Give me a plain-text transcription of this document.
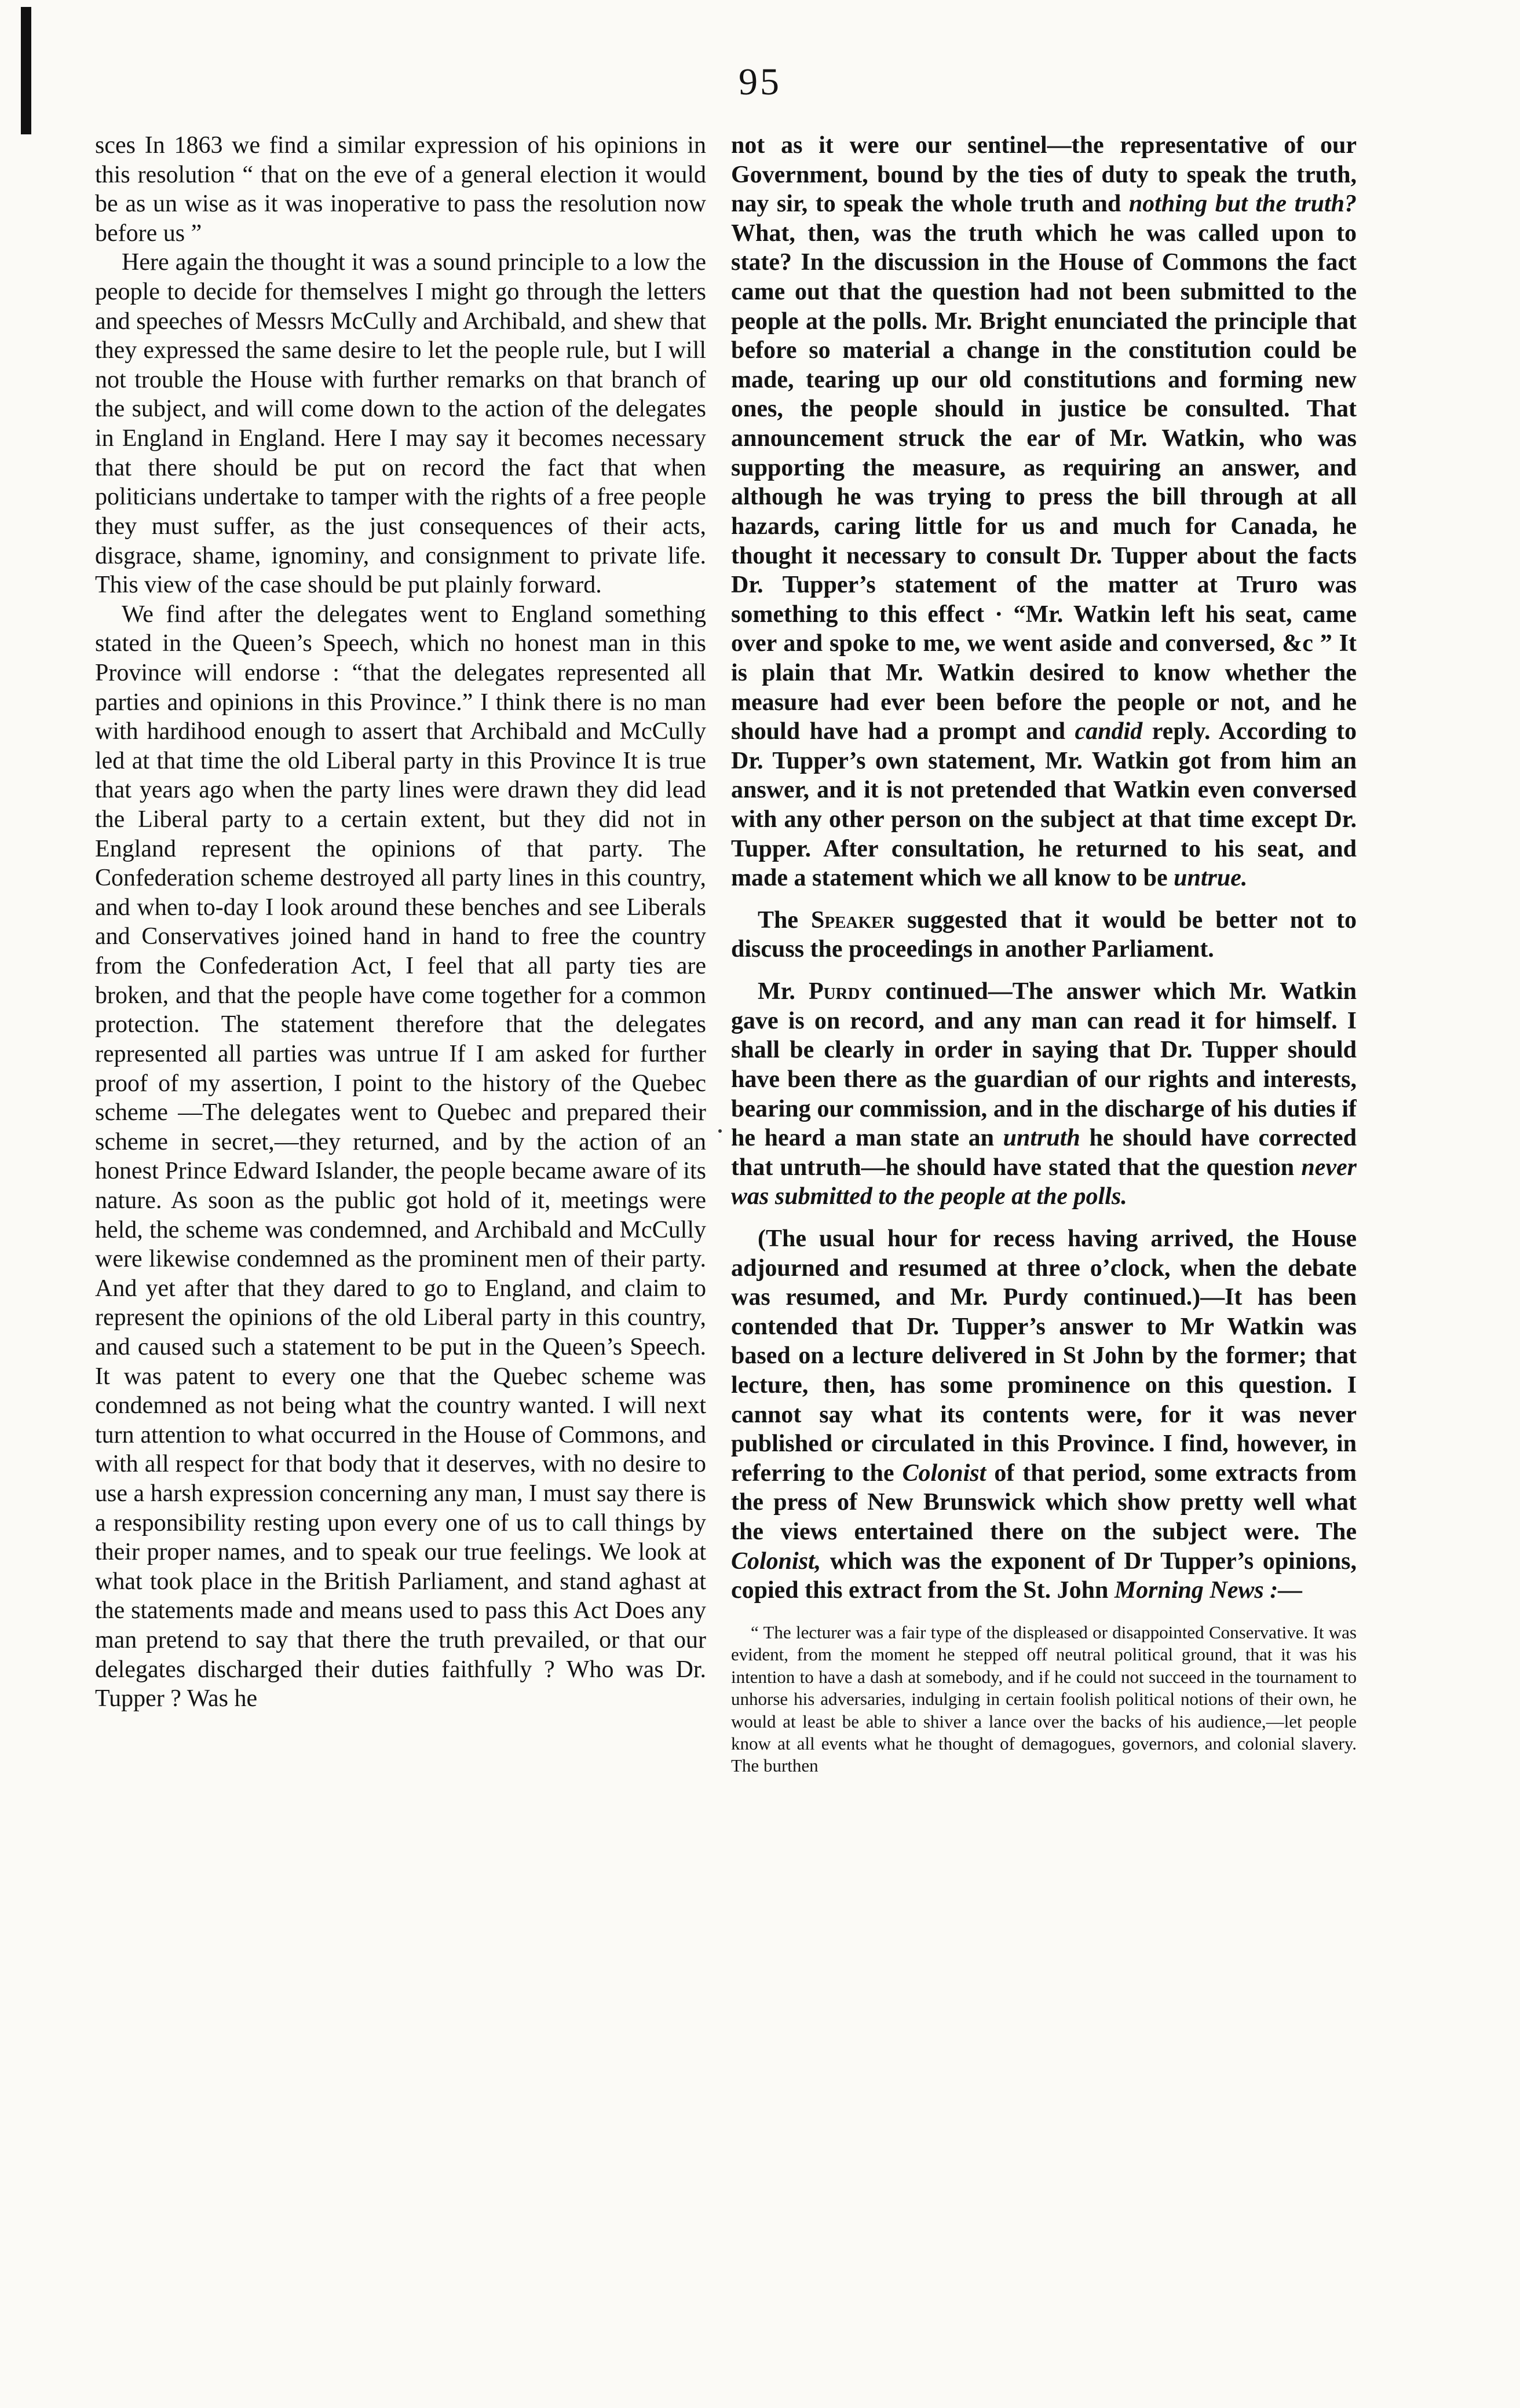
95

sces In 1863 we find a similar expression of his opinions in this resolution “ that on the eve of a general election it would be as un wise as it was inoperative to pass the resolution now before us ”

Here again the thought it was a sound principle to a low the people to decide for themselves I might go through the letters and speeches of Messrs McCully and Archibald, and shew that they expressed the same desire to let the people rule, but I will not trouble the House with further remarks on that branch of the subject, and will come down to the action of the delegates in England in England. Here I may say it becomes necessary that there should be put on record the fact that when politicians undertake to tamper with the rights of a free people they must suffer, as the just consequences of their acts, disgrace, shame, ignominy, and consignment to private life. This view of the case should be put plainly forward.

We find after the delegates went to England something stated in the Queen’s Speech, which no honest man in this Province will endorse : “that the delegates represented all parties and opinions in this Province.” I think there is no man with hardihood enough to assert that Archibald and McCully led at that time the old Liberal party in this Province It is true that years ago when the party lines were drawn they did lead the Liberal party to a certain extent, but they did not in England represent the opinions of that party. The Confederation scheme destroyed all party lines in this country, and when to-day I look around these benches and see Liberals and Conservatives joined hand in hand to free the country from the Confederation Act, I feel that all party ties are broken, and that the people have come together for a common protection. The statement therefore that the delegates represented all parties was untrue If I am asked for further proof of my assertion, I point to the history of the Quebec scheme —The delegates went to Quebec and prepared their scheme in secret,—they returned, and by the action of an honest Prince Edward Islander, the people became aware of its nature. As soon as the public got hold of it, meetings were held, the scheme was condemned, and Archibald and McCully were likewise condemned as the prominent men of their party. And yet after that they dared to go to England, and claim to represent the opinions of the old Liberal party in this country, and caused such a statement to be put in the Queen’s Speech. It was patent to every one that the Quebec scheme was condemned as not being what the country wanted. I will next turn attention to what occurred in the House of Commons, and with all respect for that body that it deserves, with no desire to use a harsh expression concerning any man, I must say there is a responsibility resting upon every one of us to call things by their proper names, and to speak our true feelings. We look at what took place in the British Parliament, and stand aghast at the statements made and means used to pass this Act Does any man pretend to say that there the truth prevailed, or that our delegates discharged their duties faithfully ? Who was Dr. Tupper ? Was he

not as it were our sentinel—the representative of our Government, bound by the ties of duty to speak the truth, nay sir, to speak the whole truth and nothing but the truth? What, then, was the truth which he was called upon to state? In the discussion in the House of Commons the fact came out that the question had not been submitted to the people at the polls. Mr. Bright enunciated the principle that before so material a change in the constitution could be made, tearing up our old constitutions and forming new ones, the people should in justice be consulted. That announcement struck the ear of Mr. Watkin, who was supporting the measure, as requiring an answer, and although he was trying to press the bill through at all hazards, caring little for us and much for Canada, he thought it necessary to consult Dr. Tupper about the facts Dr. Tupper’s statement of the matter at Truro was something to this effect · “Mr. Watkin left his seat, came over and spoke to me, we went aside and conversed, &c ” It is plain that Mr. Watkin desired to know whether the measure had ever been before the people or not, and he should have had a prompt and candid reply. According to Dr. Tupper’s own statement, Mr. Watkin got from him an answer, and it is not pretended that Watkin even conversed with any other person on the subject at that time except Dr. Tupper. After consultation, he returned to his seat, and made a statement which we all know to be untrue.

The Speaker suggested that it would be better not to discuss the proceedings in another Parliament.

Mr. Purdy continued—The answer which Mr. Watkin gave is on record, and any man can read it for himself. I shall be clearly in order in saying that Dr. Tupper should have been there as the guardian of our rights and interests, bearing our commission, and in the discharge of his duties if he heard a man state an untruth he should have corrected that untruth—he should have stated that the question never was submitted to the people at the polls.

(The usual hour for recess having arrived, the House adjourned and resumed at three o’clock, when the debate was resumed, and Mr. Purdy continued.)—It has been contended that Dr. Tupper’s answer to Mr Watkin was based on a lecture delivered in St John by the former; that lecture, then, has some prominence on this question. I cannot say what its contents were, for it was never published or circulated in this Province. I find, however, in referring to the Colonist of that period, some extracts from the press of New Brunswick which show pretty well what the views entertained there on the subject were. The Colonist, which was the exponent of Dr Tupper’s opinions, copied this extract from the St. John Morning News :—

“ The lecturer was a fair type of the displeased or disappointed Conservative. It was evident, from the moment he stepped off neutral political ground, that it was his intention to have a dash at somebody, and if he could not succeed in the tournament to unhorse his adversaries, indulging in certain foolish political notions of their own, he would at least be able to shiver a lance over the backs of his audience,—let people know at all events what he thought of demagogues, governors, and colonial slavery. The burthen
